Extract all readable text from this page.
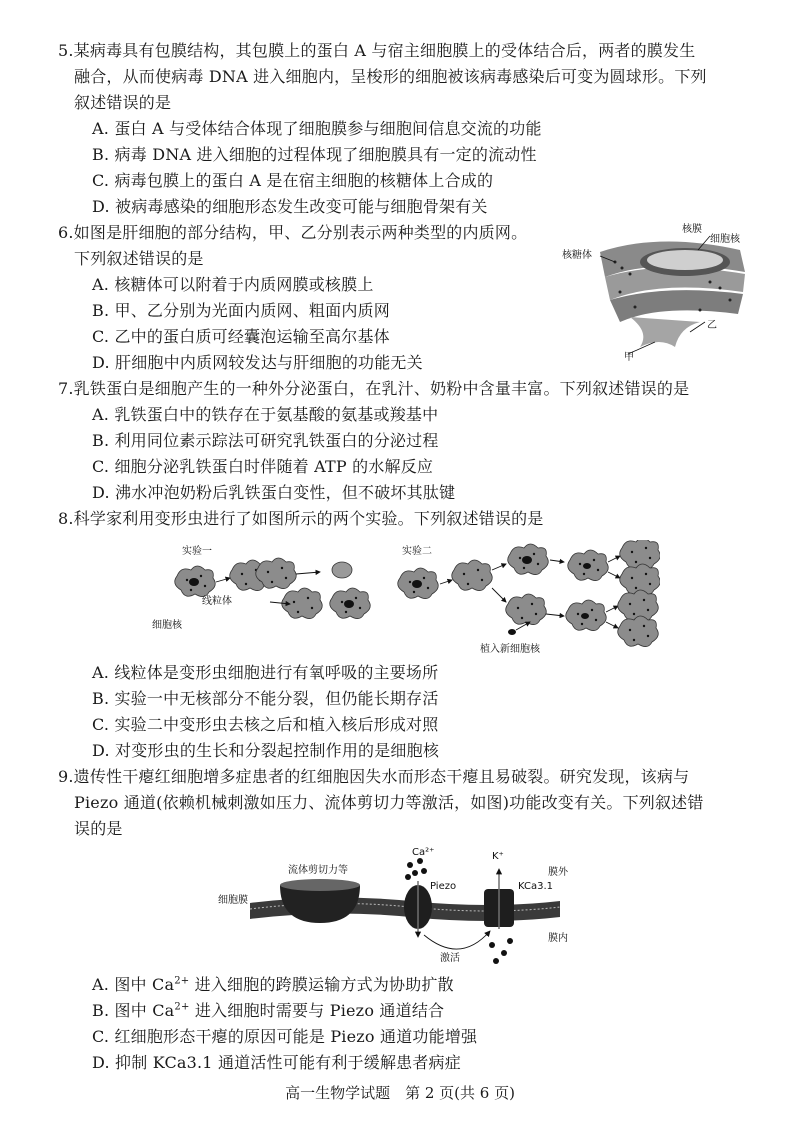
5.某病毒具有包膜结构，其包膜上的蛋白 A 与宿主细胞膜上的受体结合后，两者的膜发生
融合，从而使病毒 DNA 进入细胞内，呈梭形的细胞被该病毒感染后可变为圆球形。下列
叙述错误的是
A. 蛋白 A 与受体结合体现了细胞膜参与细胞间信息交流的功能
B. 病毒 DNA 进入细胞的过程体现了细胞膜具有一定的流动性
C. 病毒包膜上的蛋白 A 是在宿主细胞的核糖体上合成的
D. 被病毒感染的细胞形态发生改变可能与细胞骨架有关
6.如图是肝细胞的部分结构，甲、乙分别表示两种类型的内质网。
下列叙述错误的是
A. 核糖体可以附着于内质网膜或核膜上
B. 甲、乙分别为光面内质网、粗面内质网
C. 乙中的蛋白质可经囊泡运输至高尔基体
D. 肝细胞中内质网较发达与肝细胞的功能无关
核膜
细胞核
核糖体
乙
甲
7.乳铁蛋白是细胞产生的一种外分泌蛋白，在乳汁、奶粉中含量丰富。下列叙述错误的是
A. 乳铁蛋白中的铁存在于氨基酸的氨基或羧基中
B. 利用同位素示踪法可研究乳铁蛋白的分泌过程
C. 细胞分泌乳铁蛋白时伴随着 ATP 的水解反应
D. 沸水冲泡奶粉后乳铁蛋白变性，但不破坏其肽键
8.科学家利用变形虫进行了如图所示的两个实验。下列叙述错误的是
实验一
细胞核
线粒体
实验二
植入新细胞核
A. 线粒体是变形虫细胞进行有氧呼吸的主要场所
B. 实验一中无核部分不能分裂，但仍能长期存活
C. 实验二中变形虫去核之后和植入核后形成对照
D. 对变形虫的生长和分裂起控制作用的是细胞核
9.遗传性干瘪红细胞增多症患者的红细胞因失水而形态干瘪且易破裂。研究发现，该病与
Piezo 通道(依赖机械刺激如压力、流体剪切力等激活，如图)功能改变有关。下列叙述错
误的是
流体剪切力等
细胞膜
Ca²⁺
Piezo
K⁺
KCa3.1
膜外
膜内
激活
A. 图中 $Ca^{2+}$ 进入细胞的跨膜运输方式为协助扩散
B. 图中 $Ca^{2+}$ 进入细胞时需要与 Piezo 通道结合
C. 红细胞形态干瘪的原因可能是 Piezo 通道功能增强
D. 抑制 KCa3.1 通道活性可能有利于缓解患者病症
高一生物学试题　第 2 页(共 6 页)
